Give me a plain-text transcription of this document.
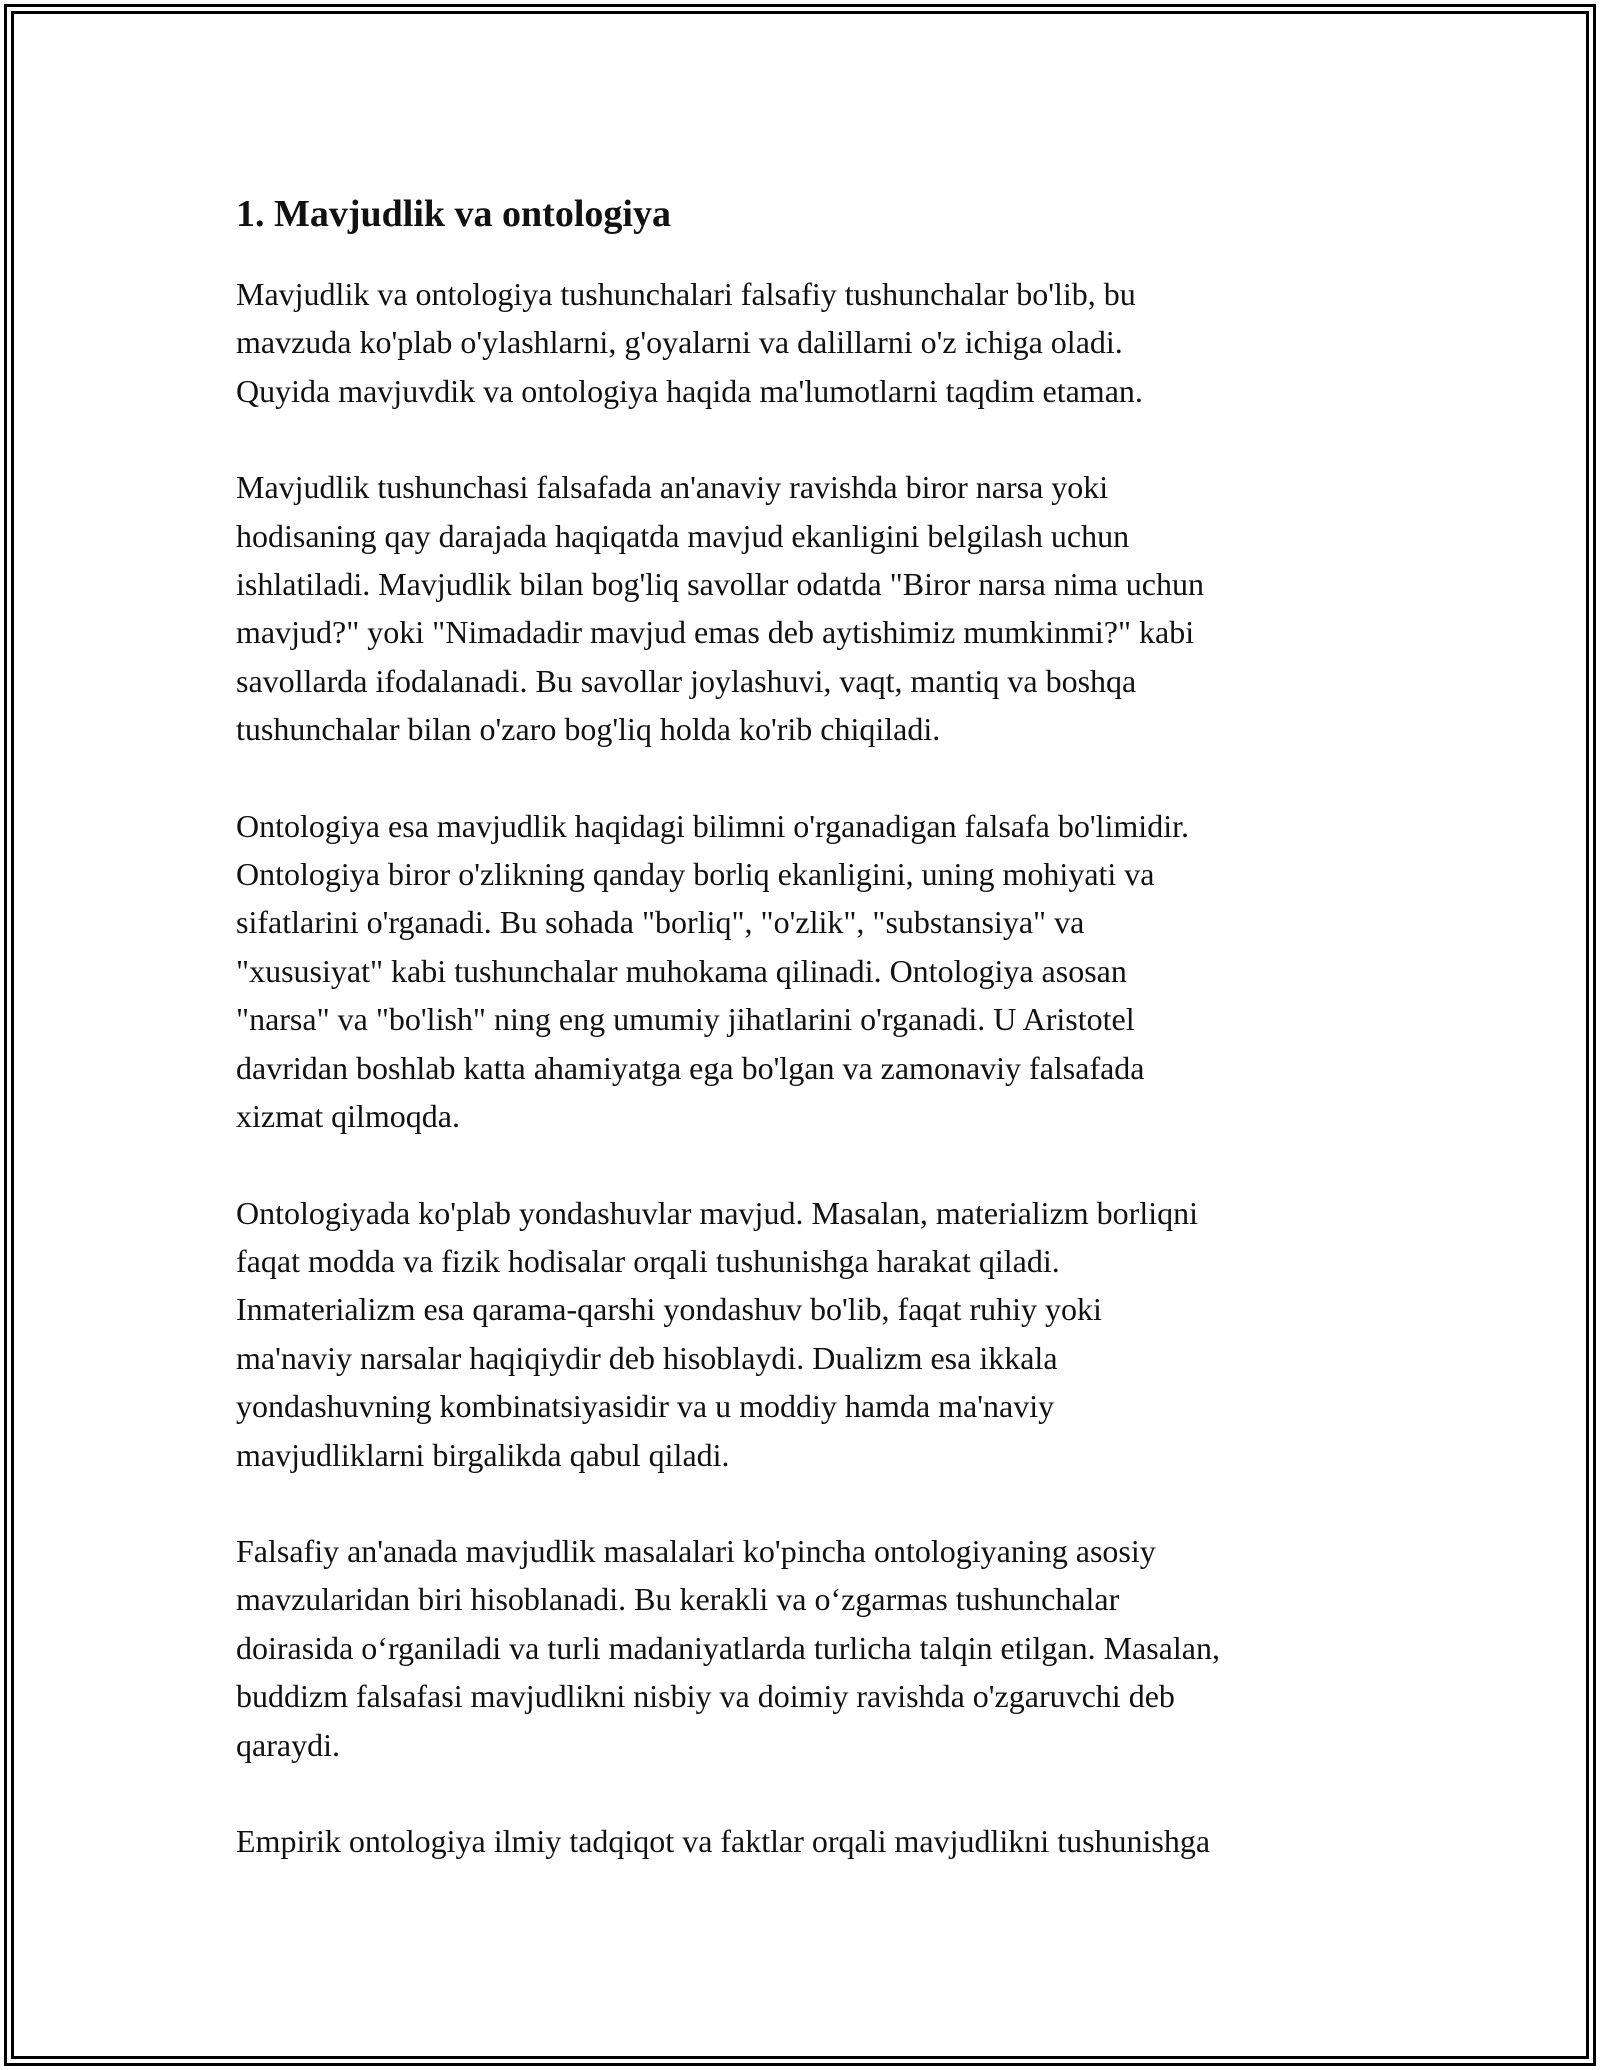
1. Mavjudlik va ontologiya

Mavjudlik va ontologiya tushunchalari falsafiy tushunchalar bo'lib, bu
mavzuda ko'plab o'ylashlarni, g'oyalarni va dalillarni o'z ichiga oladi.
Quyida mavjuvdik va ontologiya haqida ma'lumotlarni taqdim etaman.

Mavjudlik tushunchasi falsafada an'anaviy ravishda biror narsa yoki
hodisaning qay darajada haqiqatda mavjud ekanligini belgilash uchun
ishlatiladi. Mavjudlik bilan bog'liq savollar odatda "Biror narsa nima uchun
mavjud?" yoki "Nimadadir mavjud emas deb aytishimiz mumkinmi?" kabi
savollarda ifodalanadi. Bu savollar joylashuvi, vaqt, mantiq va boshqa
tushunchalar bilan o'zaro bog'liq holda ko'rib chiqiladi.

Ontologiya esa mavjudlik haqidagi bilimni o'rganadigan falsafa bo'limidir.
Ontologiya biror o'zlikning qanday borliq ekanligini, uning mohiyati va
sifatlarini o'rganadi. Bu sohada "borliq", "o'zlik", "substansiya" va
"xususiyat" kabi tushunchalar muhokama qilinadi. Ontologiya asosan
"narsa" va "bo'lish" ning eng umumiy jihatlarini o'rganadi. U Aristotel
davridan boshlab katta ahamiyatga ega bo'lgan va zamonaviy falsafada
xizmat qilmoqda.

Ontologiyada ko'plab yondashuvlar mavjud. Masalan, materializm borliqni
faqat modda va fizik hodisalar orqali tushunishga harakat qiladi.
Inmaterializm esa qarama-qarshi yondashuv bo'lib, faqat ruhiy yoki
ma'naviy narsalar haqiqiydir deb hisoblaydi. Dualizm esa ikkala
yondashuvning kombinatsiyasidir va u moddiy hamda ma'naviy
mavjudliklarni birgalikda qabul qiladi.

Falsafiy an'anada mavjudlik masalalari ko'pincha ontologiyaning asosiy
mavzularidan biri hisoblanadi. Bu kerakli va oʻzgarmas tushunchalar
doirasida oʻrganiladi va turli madaniyatlarda turlicha talqin etilgan. Masalan,
buddizm falsafasi mavjudlikni nisbiy va doimiy ravishda o'zgaruvchi deb
qaraydi.

Empirik ontologiya ilmiy tadqiqot va faktlar orqali mavjudlikni tushunishga
